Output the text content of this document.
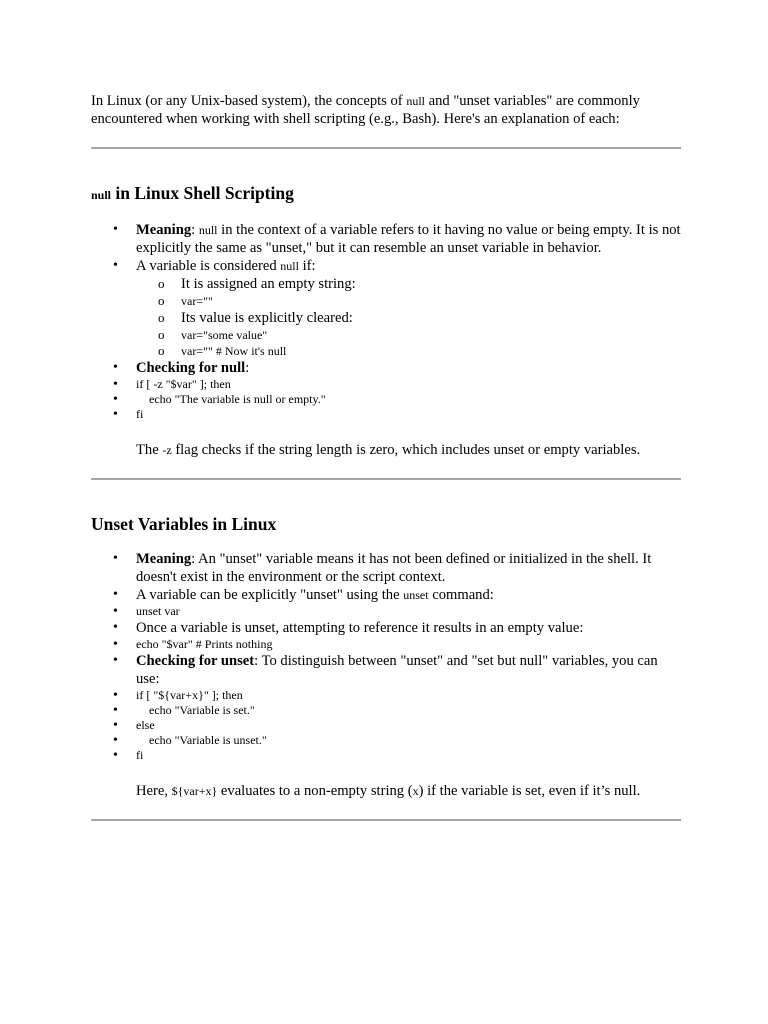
In Linux (or any Unix-based system), the concepts of null and "unset variables" are commonly encountered when working with shell scripting (e.g., Bash). Here's an explanation of each:

null in Linux Shell Scripting
• Meaning: null in the context of a variable refers to it having no value or being empty. It is not explicitly the same as "unset," but it can resemble an unset variable in behavior.
• A variable is considered null if:
o It is assigned an empty string:
o var=""
o Its value is explicitly cleared:
o var="some value"
o var="" # Now it's null
• Checking for null:
• if [ -z "$var" ]; then
•	echo "The variable is null or empty."
• fi

The -z flag checks if the string length is zero, which includes unset or empty variables.

Unset Variables in Linux
• Meaning: An "unset" variable means it has not been defined or initialized in the shell. It doesn't exist in the environment or the script context.
• A variable can be explicitly "unset" using the unset command:
• unset var
• Once a variable is unset, attempting to reference it results in an empty value:
• echo "$var" # Prints nothing
• Checking for unset: To distinguish between "unset" and "set but null" variables, you can use:
• if [ "${var+x}" ]; then
•	echo "Variable is set."
• else
•	echo "Variable is unset."
• fi

Here, ${var+x} evaluates to a non-empty string (x) if the variable is set, even if it’s null.
